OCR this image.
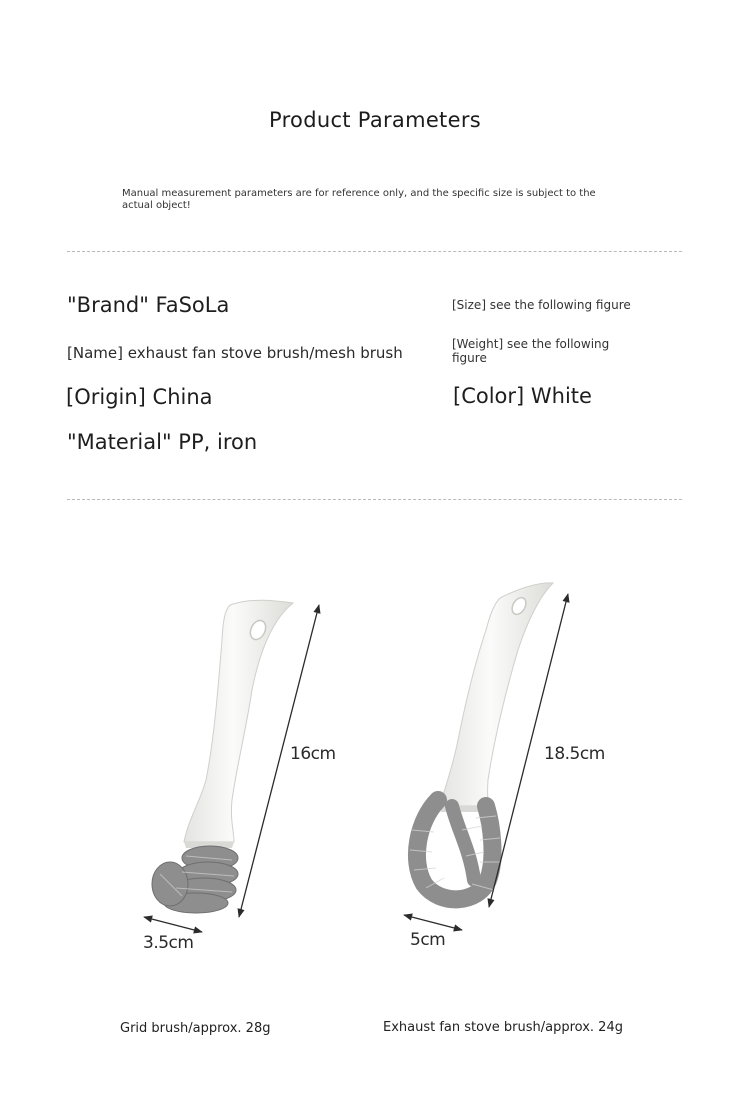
Product Parameters
Manual measurement parameters are for reference only, and the specific size is subject to the actual object!
"Brand" FaSoLa
[Name] exhaust fan stove brush/mesh brush
[Origin] China
"Material" PP, iron
[Size] see the following figure
[Weight] see the following figure
[Color] White
16cm
3.5cm
Grid brush/approx. 28g
18.5cm
5cm
Exhaust fan stove brush/approx. 24g
